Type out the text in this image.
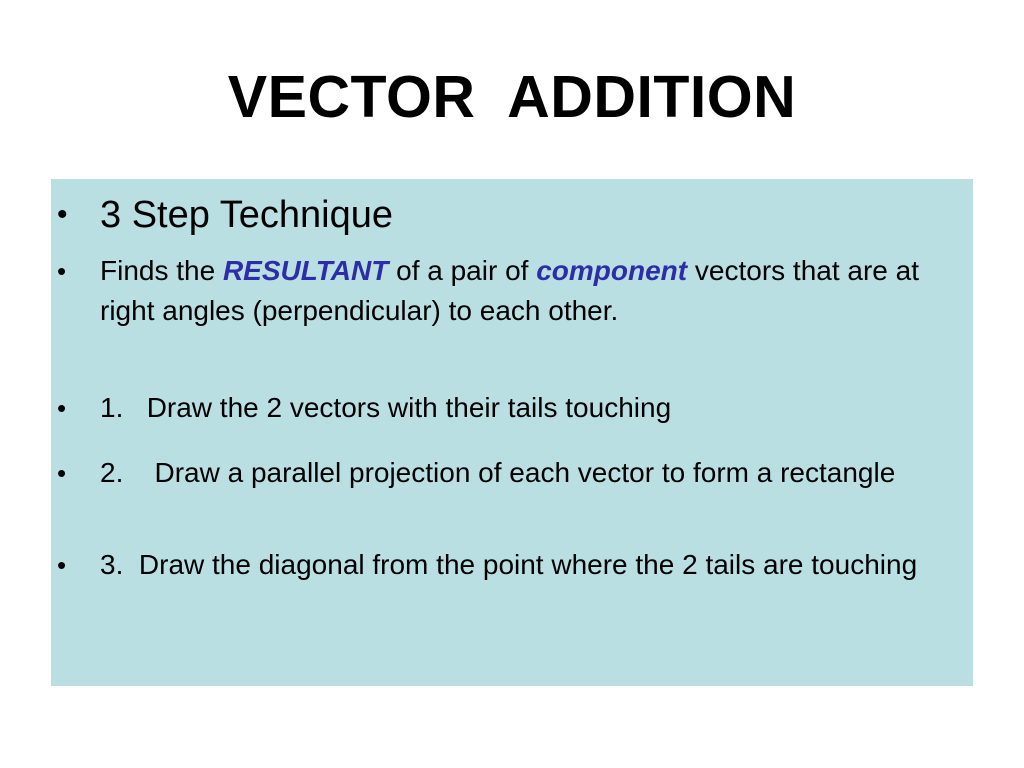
VECTOR  ADDITION
• 3 Step Technique
• Finds the RESULTANT of a pair of component vectors that are at right angles (perpendicular) to each other.
• 1.   Draw the 2 vectors with their tails touching
• 2.    Draw a parallel projection of each vector to form a rectangle
• 3.  Draw the diagonal from the point where the 2 tails are touching
